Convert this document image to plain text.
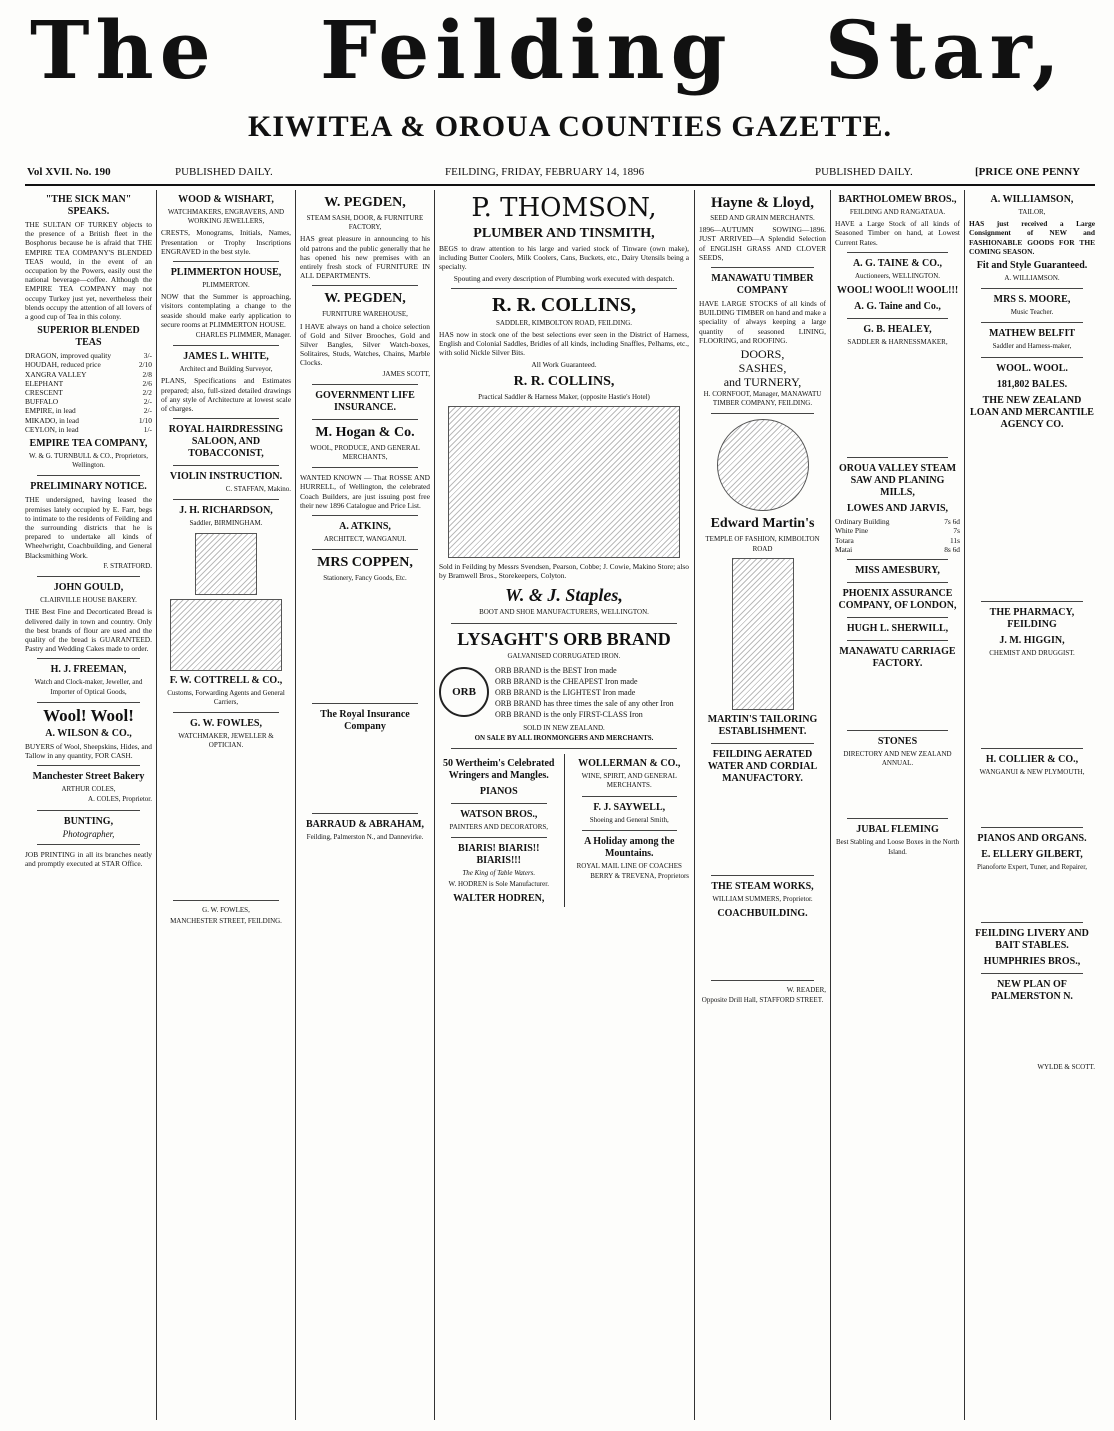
The Feilding Star,
KIWITEA & OROUA COUNTIES GAZETTE.
Vol XVII. No. 190	PUBLISHED DAILY.	FEILDING, FRIDAY, FEBRUARY 14, 1896	PUBLISHED DAILY.	[PRICE ONE PENNY
"THE SICK MAN" SPEAKS.

THE SULTAN OF TURKEY objects to the presence of a British fleet in the Bosphorus because he is afraid that THE EMPIRE TEA COMPANY'S BLENDED TEAS would, in the event of an occupation by the Powers, easily oust the national beverage—coffee. Although the EMPIRE TEA COMPANY may not occupy Turkey just yet, nevertheless their blends occupy the attention of all lovers of a good cup of Tea in this colony.

SUPERIOR BLENDED TEAS
DRAGON, improved quality	3/-
HOUDAH, reduced price	2/10
XANGRA VALLEY	2/8
ELEPHANT	2/6
CRESCENT	2/2
BUFFALO	2/-
EMPIRE, in lead	2/-
MIKADO, in lead	1/10
CEYLON, in lead	1/-
EMPIRE TEA COMPANY,
W. & G. TURNBULL & CO., Proprietors, Wellington.
PRELIMINARY NOTICE.

THE undersigned, having leased the premises lately occupied by E. Farr, begs to intimate to the residents of Feilding and the surrounding districts that he is prepared to undertake all kinds of Wheelwright, Coachbuilding, and General Blacksmithing Work.

F. STRATFORD.
JOHN GOULD,
CLAIRVILLE HOUSE BAKERY.

THE Best Fine and Decorticated Bread is delivered daily in town and country. Only the best brands of flour are used and the quality of the bread is GUARANTEED. Pastry and Wedding Cakes made to order.

H. J. FREEMAN,
Watch and Clock-maker, Jeweller, and Importer of Optical Goods,
Wool! Wool!
A. WILSON & CO.,

BUYERS of Wool, Sheepskins, Hides, and Tallow in any quantity, FOR CASH.

Manchester Street Bakery
ARTHUR COLES,
A. COLES, Proprietor.
BUNTING,
Photographer,

JOB PRINTING in all its branches neatly and promptly executed at STAR Office.

WOOD & WISHART,
WATCHMAKERS, ENGRAVERS, AND WORKING JEWELLERS,

CRESTS, Monograms, Initials, Names, Presentation or Trophy Inscriptions ENGRAVED in the best style.

PLIMMERTON HOUSE,
PLIMMERTON.

NOW that the Summer is approaching, visitors contemplating a change to the seaside should make early application to secure rooms at PLIMMERTON HOUSE.

CHARLES PLIMMER, Manager.
JAMES L. WHITE,
Architect and Building Surveyor,

PLANS, Specifications and Estimates prepared; also, full-sized detailed drawings of any style of Architecture at lowest scale of charges.

ROYAL HAIRDRESSING SALOON, AND TOBACCONIST,
VIOLIN INSTRUCTION.
C. STAFFAN, Makino.
J. H. RICHARDSON,
Saddler, BIRMINGHAM.
F. W. COTTRELL & CO.,
Customs, Forwarding Agents and General Carriers,
G. W. FOWLES,
WATCHMAKER, JEWELLER & OPTICIAN.
G. W. FOWLES,
MANCHESTER STREET, FEILDING.
W. PEGDEN,
STEAM SASH, DOOR, & FURNITURE FACTORY,

HAS great pleasure in announcing to his old patrons and the public generally that he has opened his new premises with an entirely fresh stock of FURNITURE IN ALL DEPARTMENTS.

W. PEGDEN,
FURNITURE WAREHOUSE,

I HAVE always on hand a choice selection of Gold and Silver Brooches, Gold and Silver Bangles, Silver Watch-boxes, Solitaires, Studs, Watches, Chains, Marble Clocks.

JAMES SCOTT,
GOVERNMENT LIFE INSURANCE.
M. Hogan & Co.
WOOL, PRODUCE, AND GENERAL MERCHANTS,

WANTED KNOWN — That ROSSE AND HURRELL, of Wellington, the celebrated Coach Builders, are just issuing post free their new 1896 Catalogue and Price List.

A. ATKINS,
ARCHITECT, WANGANUI.
MRS COPPEN,
Stationery, Fancy Goods, Etc.
The Royal Insurance Company
BARRAUD & ABRAHAM,
Feilding, Palmerston N., and Dannevirke.
P. THOMSON,
PLUMBER AND TINSMITH,

BEGS to draw attention to his large and varied stock of Tinware (own make), including Butter Coolers, Milk Coolers, Cans, Buckets, etc., Dairy Utensils being a specialty.

Spouting and every description of Plumbing work executed with despatch.

R. R. COLLINS,
SADDLER, KIMBOLTON ROAD, FEILDING.

HAS now in stock one of the best selections ever seen in the District of Harness, English and Colonial Saddles, Bridles of all kinds, including Snaffles, Pelhams, etc., with solid Nickle Silver Bits.

All Work Guaranteed.

R. R. COLLINS,
Practical Saddler & Harness Maker, (opposite Hastie's Hotel)

Sold in Feilding by Messrs Svendsen, Pearson, Cobbe; J. Cowie, Makino Store; also by Bramwell Bros., Storekeepers, Colyton.

W. & J. Staples,
BOOT AND SHOE MANUFACTURERS, WELLINGTON.
LYSAGHT'S ORB BRAND
GALVANISED CORRUGATED IRON.
ORB
ORB BRAND is the BEST Iron made
ORB BRAND is the CHEAPEST Iron made
ORB BRAND is the LIGHTEST Iron made
ORB BRAND has three times the sale of any other Iron
ORB BRAND is the only FIRST-CLASS Iron
SOLD IN NEW ZEALAND.
ON SALE BY ALL IRONMONGERS AND MERCHANTS.
50 Wertheim's Celebrated Wringers and Mangles.
PIANOS
WATSON BROS.,
PAINTERS AND DECORATORS,
BIARIS! BIARIS!! BIARIS!!!
The King of Table Waters.
W. HODREN is Sole Manufacturer.
WALTER HODREN,
WOLLERMAN & CO.,
WINE, SPIRIT, AND GENERAL MERCHANTS.
F. J. SAYWELL,
Shoeing and General Smith,
A Holiday among the Mountains.
ROYAL MAIL LINE OF COACHES
BERRY & TREVENA, Proprietors
Hayne & Lloyd,
SEED AND GRAIN MERCHANTS.

1896—AUTUMN SOWING—1896. JUST ARRIVED—A Splendid Selection of ENGLISH GRASS AND CLOVER SEEDS,

MANAWATU TIMBER COMPANY

HAVE LARGE STOCKS of all kinds of BUILDING TIMBER on hand and make a speciality of always keeping a large quantity of seasoned LINING, FLOORING, and ROOFING.

DOORS,
SASHES,
and TURNERY,
H. CORNFOOT, Manager, MANAWATU TIMBER COMPANY, FEILDING.
Edward Martin's
TEMPLE OF FASHION, KIMBOLTON ROAD
MARTIN'S TAILORING ESTABLISHMENT.
FEILDING AERATED WATER AND CORDIAL MANUFACTORY.
THE STEAM WORKS,
WILLIAM SUMMERS, Proprietor.
COACHBUILDING.
W. READER,
Opposite Drill Hall, STAFFORD STREET.
BARTHOLOMEW BROS.,
FEILDING AND RANGATAUA.

HAVE a Large Stock of all kinds of Seasoned Timber on hand, at Lowest Current Rates.

A. G. TAINE & CO.,
Auctioneers, WELLINGTON.
WOOL! WOOL!! WOOL!!!
A. G. Taine and Co.,
G. B. HEALEY,
SADDLER & HARNESSMAKER,
OROUA VALLEY STEAM SAW AND PLANING MILLS,
LOWES AND JARVIS,
Ordinary Building	7s 6d
White Pine	7s
Totara	11s
Matai	8s 6d
MISS AMESBURY,
PHOENIX ASSURANCE COMPANY, OF LONDON,
HUGH L. SHERWILL,
MANAWATU CARRIAGE FACTORY.
STONES
DIRECTORY AND NEW ZEALAND ANNUAL.
JUBAL FLEMING
Best Stabling and Loose Boxes in the North Island.
A. WILLIAMSON,
TAILOR,

HAS just received a Large Consignment of NEW and FASHIONABLE GOODS FOR THE COMING SEASON.

Fit and Style Guaranteed.
A. WILLIAMSON.
MRS S. MOORE,
Music Teacher.
MATHEW BELFIT
Saddler and Harness-maker,
WOOL. WOOL.
181,802 BALES.
THE NEW ZEALAND LOAN AND MERCANTILE AGENCY CO.
THE PHARMACY, FEILDING
J. M. HIGGIN,
CHEMIST AND DRUGGIST.
H. COLLIER & CO.,
WANGANUI & NEW PLYMOUTH,
PIANOS AND ORGANS.
E. ELLERY GILBERT,
Pianoforte Expert, Tuner, and Repairer,
FEILDING LIVERY AND BAIT STABLES.
HUMPHRIES BROS.,
NEW PLAN OF PALMERSTON N.
WYLDE & SCOTT.
